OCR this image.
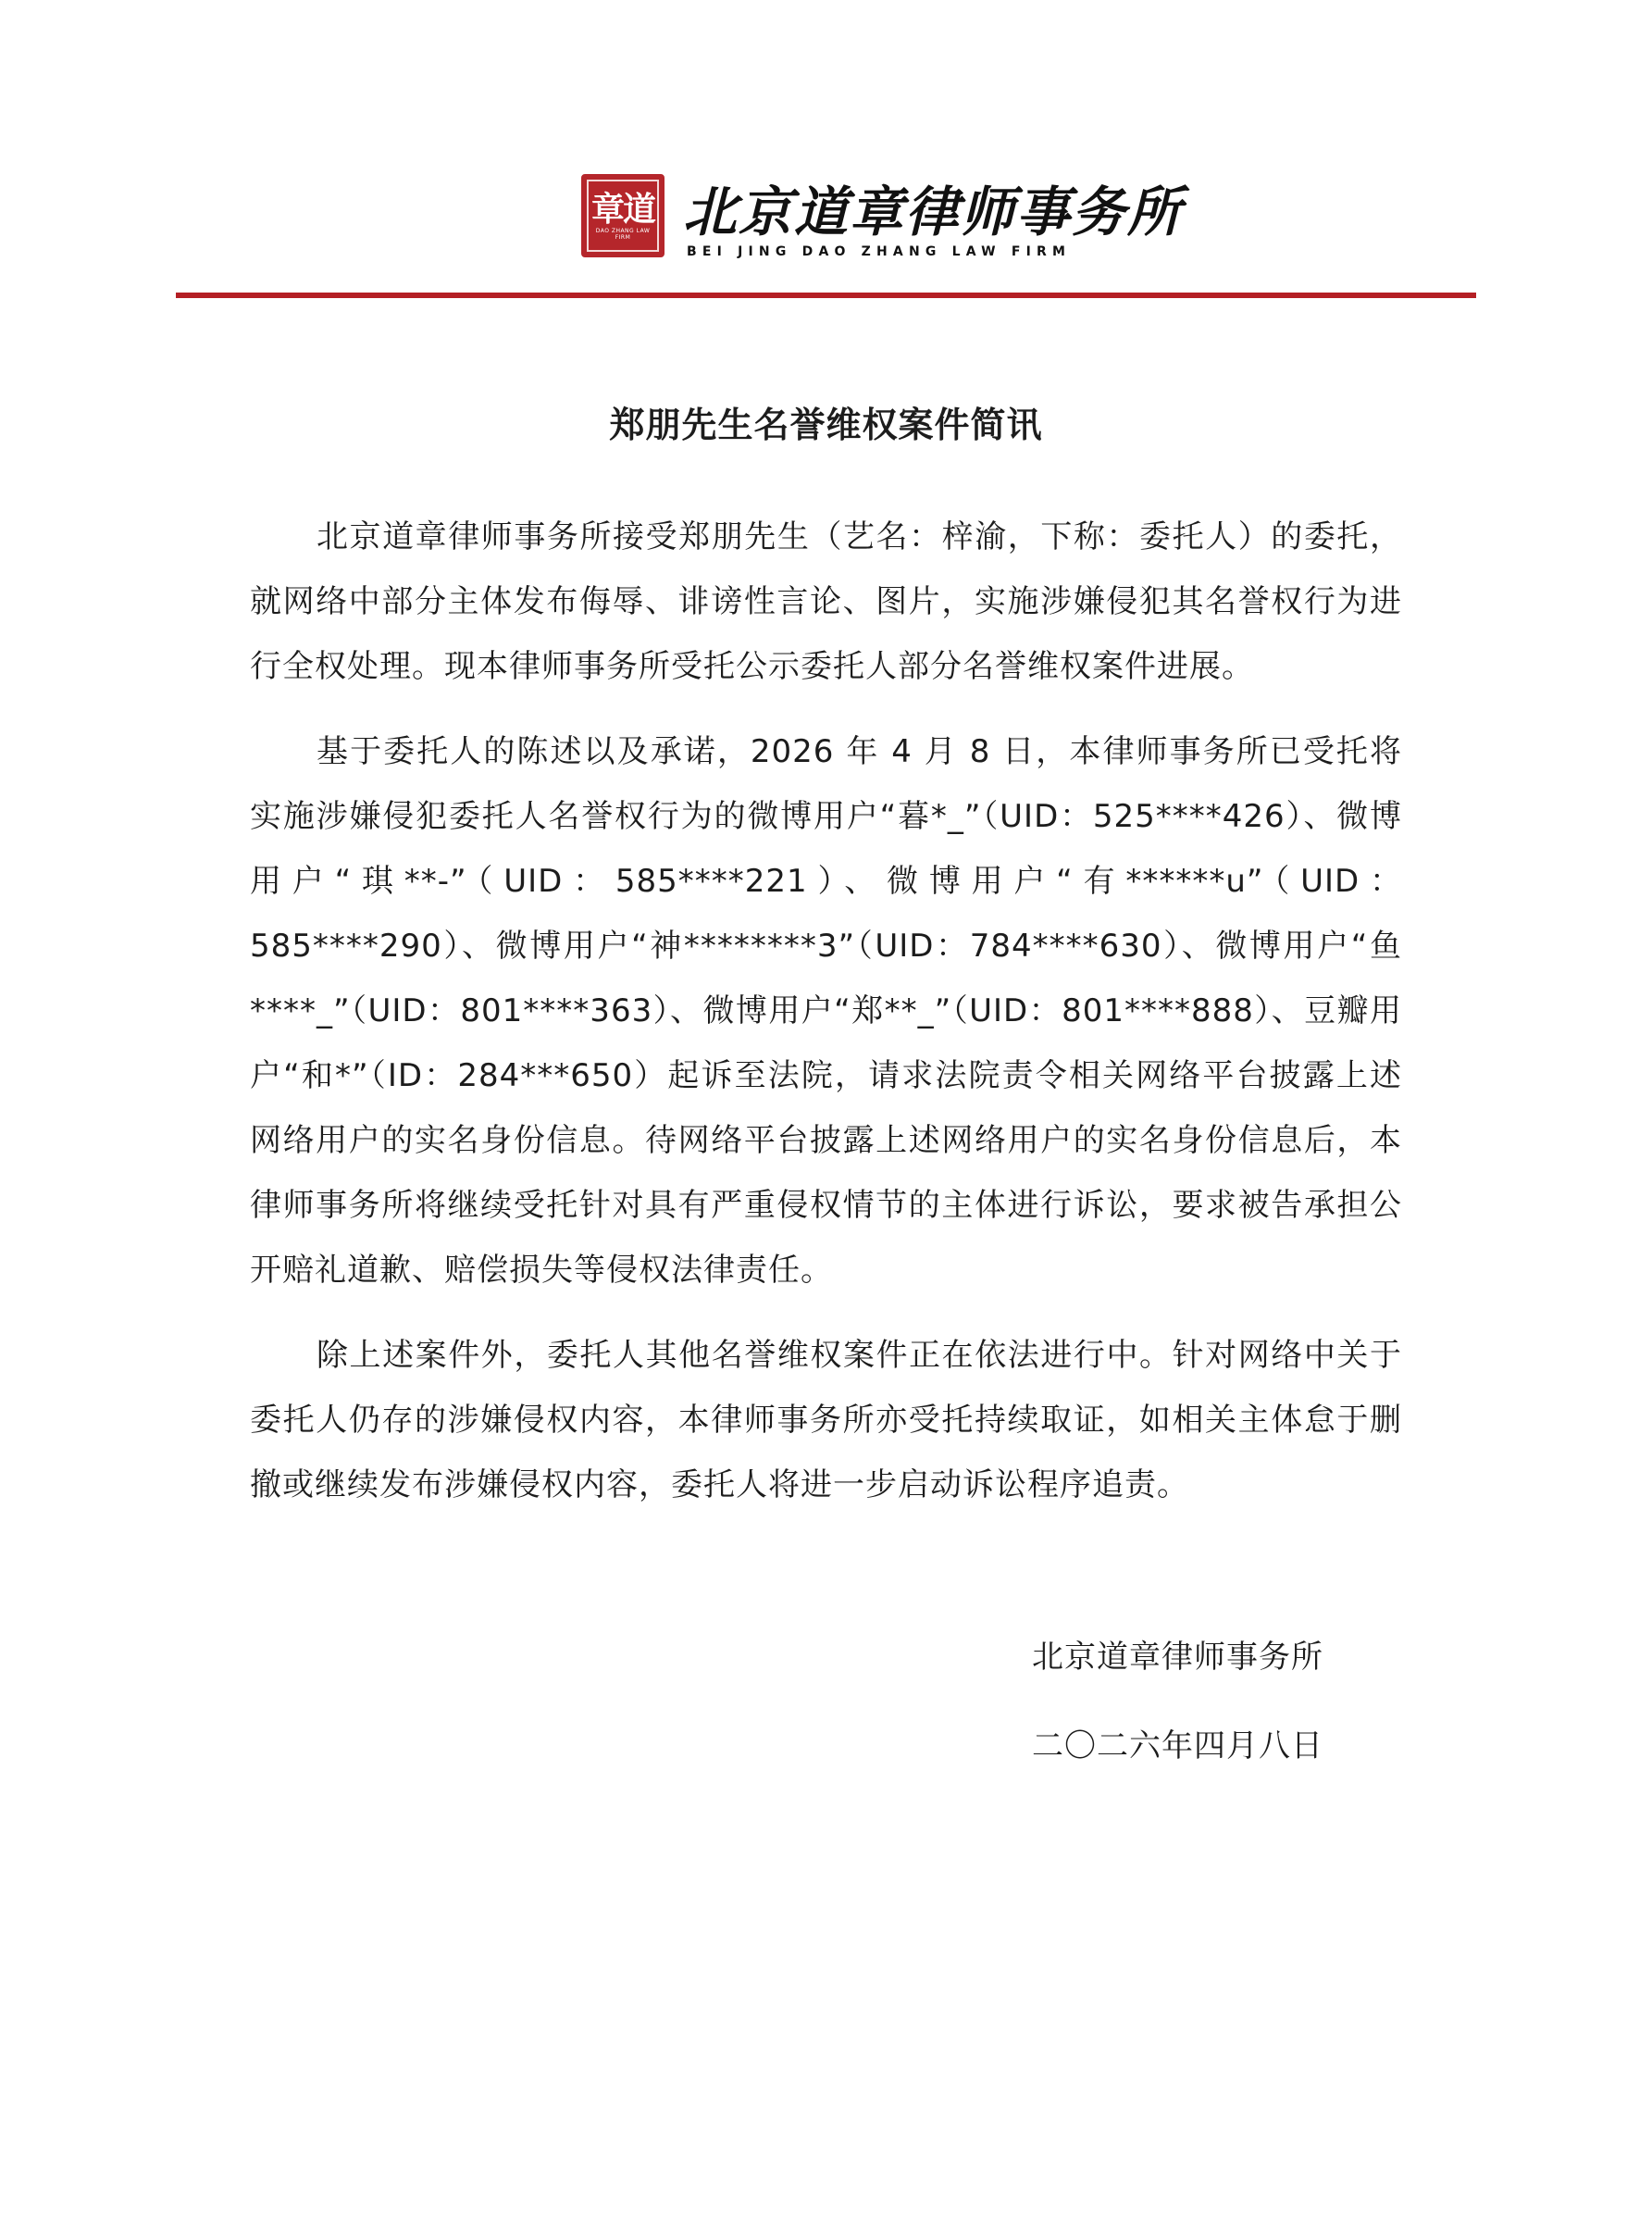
章道
DAO ZHANG LAW FIRM 北京道章律师事务所
BEI JING DAO ZHANG LAW FIRM
郑朋先生名誉维权案件简讯

北京道章律师事务所接受郑朋先生（艺名：梓渝，下称：委托人）的委托，就网络中部分主体发布侮辱、诽谤性言论、图片，实施涉嫌侵犯其名誉权行为进行全权处理。现本律师事务所受托公示委托人部分名誉维权案件进展。

基于委托人的陈述以及承诺，2026 年 4 月 8 日，本律师事务所已受托将实施涉嫌侵犯委托人名誉权行为的微博用户“暮*_”（UID：525****426）、微博用户“琪**-”（UID：585****221）、微博用户“有******u”（UID：585****290）、微博用户“神********3”（UID：784****630）、微博用户“鱼****_”（UID：801****363）、微博用户“郑**_”（UID：801****888）、豆瓣用户“和*”（ID：284***650）起诉至法院，请求法院责令相关网络平台披露上述网络用户的实名身份信息。待网络平台披露上述网络用户的实名身份信息后，本律师事务所将继续受托针对具有严重侵权情节的主体进行诉讼，要求被告承担公开赔礼道歉、赔偿损失等侵权法律责任。

除上述案件外，委托人其他名誉维权案件正在依法进行中。针对网络中关于委托人仍存的涉嫌侵权内容，本律师事务所亦受托持续取证，如相关主体怠于删撤或继续发布涉嫌侵权内容，委托人将进一步启动诉讼程序追责。

北京道章律师事务所
二〇二六年四月八日
